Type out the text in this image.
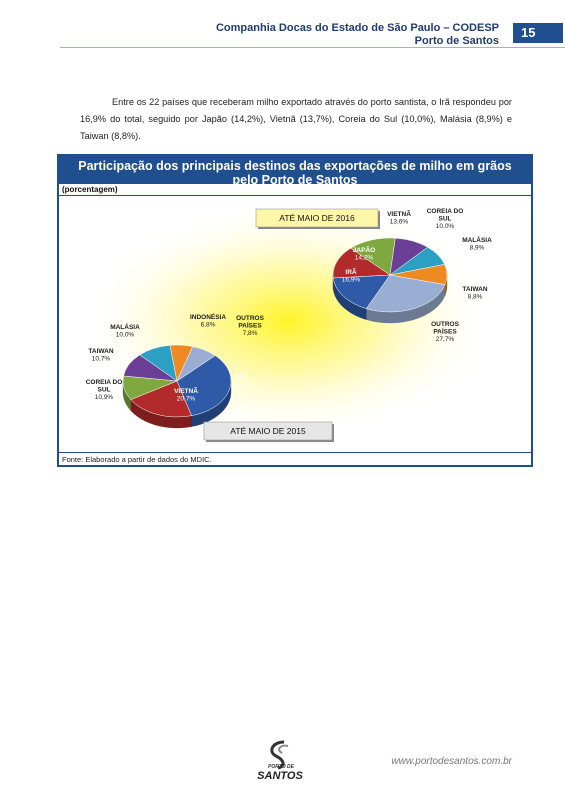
Companhia Docas do Estado de São Paulo – CODESP
Porto de Santos
15
Entre os 22 países que receberam milho exportado através do porto santista, o Irã respondeu por 16,9% do total, seguido por Japão (14,2%), Vietnã (13,7%), Coreia do Sul (10,0%), Malásia (8,9%) e Taiwan (8,8%).
Participação dos principais destinos das exportações de milho em grãos pelo Porto de Santos
(porcentagem)
IRÃ 33,2%
VIETNÃ 20,7%
COREIA DO SUL 10,9%
TAIWAN 10,7%
MALÁSIA 10,0%
INDONÉSIA 6,8%
OUTROS PAÍSES 7,8%
OUTROS PAÍSES 27,7%
IRÃ 16,9%
JAPÃO 14,2%
VIETNÃ 13,6%
COREIA DO SUL 10,0%
MALÁSIA 8,9%
TAIWAN 8,8%
ATÉ MAIO DE 2015
ATÉ MAIO DE 2016
Fonte: Elaborado a partir de dados do MDIC.
PORTO DE
SANTOS
www.portodesantos.com.br
